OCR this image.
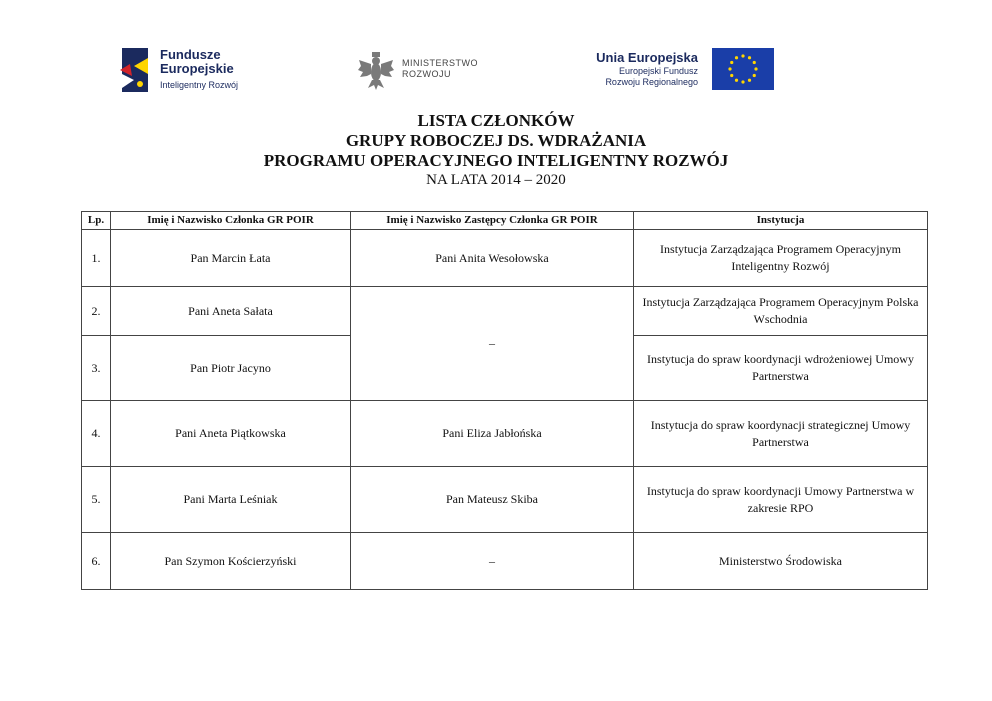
Fundusze
Europejskie
Inteligentny Rozwój
MINISTERSTWO
ROZWOJU
Unia Europejska
Europejski Fundusz
Rozwoju Regionalnego
LISTA CZŁONKÓW
GRUPY ROBOCZEJ DS. WDRAŻANIA
PROGRAMU OPERACYJNEGO INTELIGENTNY ROZWÓJ
NA LATA 2014 – 2020
Lp.	Imię i Nazwisko Członka GR POIR	Imię i Nazwisko Zastępcy Członka GR POIR	Instytucja
1.	Pan Marcin Łata	Pani Anita Wesołowska	Instytucja Zarządzająca Programem Operacyjnym Inteligentny Rozwój
2.	Pani Aneta Sałata	–	Instytucja Zarządzająca Programem Operacyjnym Polska Wschodnia
3.	Pan Piotr Jacyno		Instytucja do spraw koordynacji wdrożeniowej Umowy Partnerstwa
4.	Pani Aneta Piątkowska	Pani Eliza Jabłońska	Instytucja do spraw koordynacji strategicznej Umowy Partnerstwa
5.	Pani Marta Leśniak	Pan Mateusz Skiba	Instytucja do spraw koordynacji Umowy Partnerstwa w zakresie RPO
6.	Pan Szymon Kościerzyński	–	Ministerstwo Środowiska
